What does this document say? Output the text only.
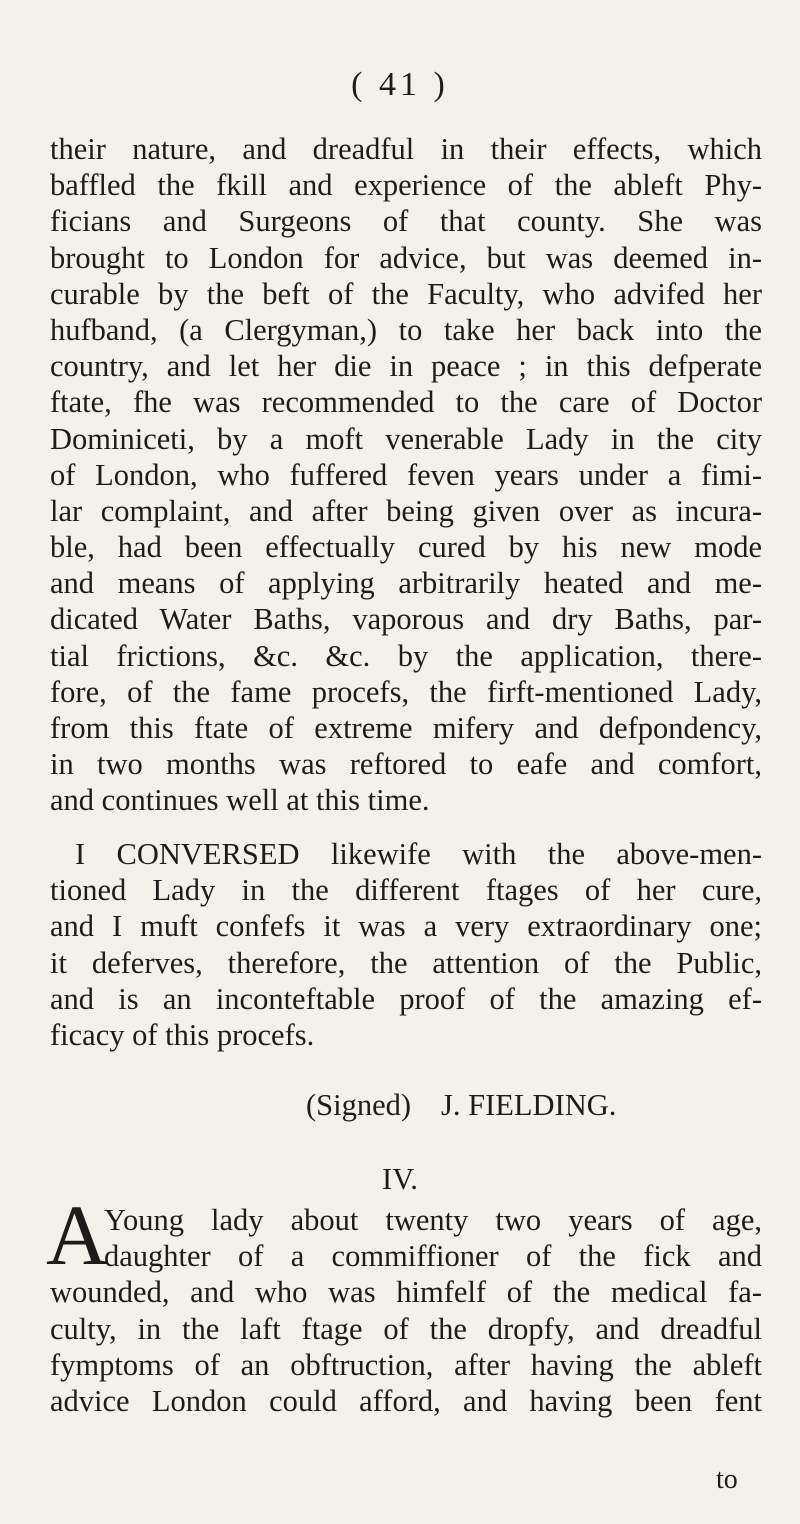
( 41 )
their nature, and dreadful in their effects, which
baffled the fkill and experience of the ableft Phy-
ficians and Surgeons of that county. She was
brought to London for advice, but was deemed in-
curable by the beft of the Faculty, who advifed her
hufband, (a Clergyman,) to take her back into the
country, and let her die in peace ; in this defperate
ftate, fhe was recommended to the care of Doctor
Dominiceti, by a moft venerable Lady in the city
of London, who fuffered feven years under a fimi-
lar complaint, and after being given over as incura-
ble, had been effectually cured by his new mode
and means of applying arbitrarily heated and me-
dicated Water Baths, vaporous and dry Baths, par-
tial frictions, &c. &c. by the application, there-
fore, of the fame procefs, the firft-mentioned Lady,
from this ftate of extreme mifery and defpondency,
in two months was reftored to eafe and comfort,
and continues well at this time.
I CONVERSED likewife with the above-men-
tioned Lady in the different ftages of her cure,
and I muft confefs it was a very extraordinary one;
it deferves, therefore, the attention of the Public,
and is an inconteftable proof of the amazing ef-
ficacy of this procefs.
(Signed) J. FIELDING.
IV.
A
Young lady about twenty two years of age,
daughter of a commiffioner of the fick and
wounded, and who was himfelf of the medical fa-
culty, in the laft ftage of the dropfy, and dreadful
fymptoms of an obftruction, after having the ableft
advice London could afford, and having been fent
to
